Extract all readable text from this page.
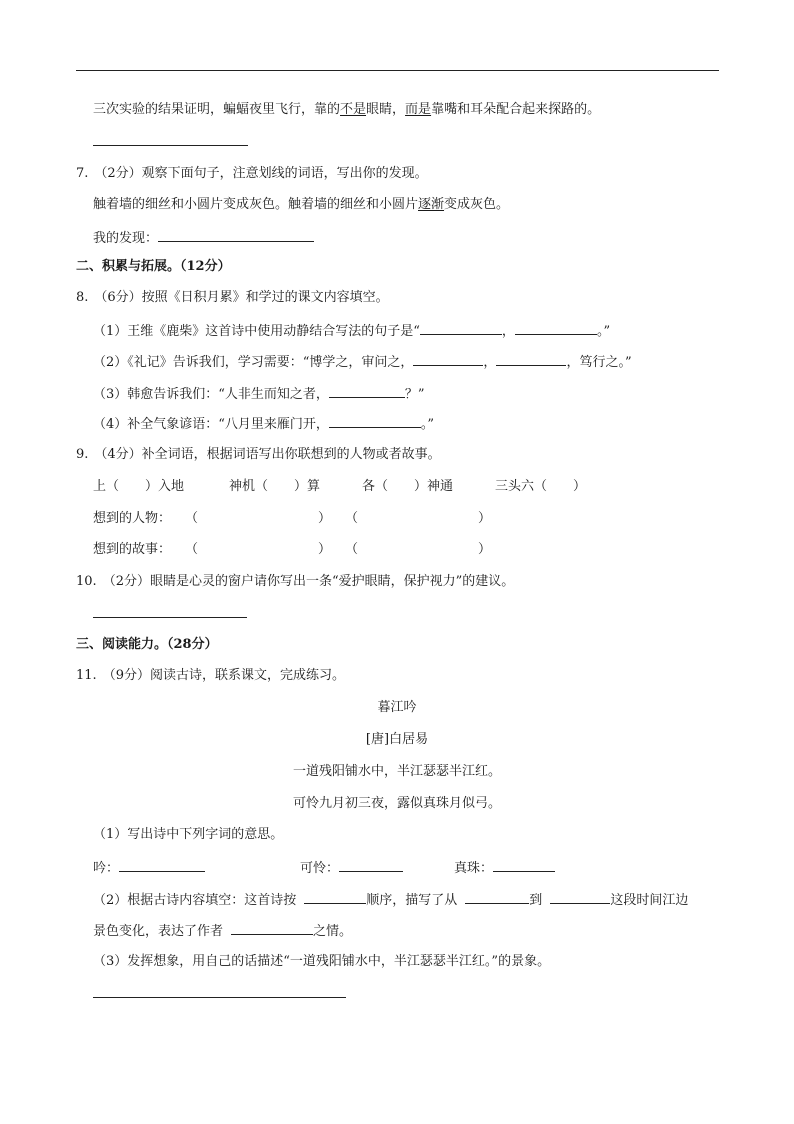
三次实验的结果证明，蝙蝠夜里飞行，靠的不是眼睛，而是靠嘴和耳朵配合起来探路的。
7. （2分）观察下面句子，注意划线的词语，写出你的发现。
触着墙的细丝和小圆片变成灰色。触着墙的细丝和小圆片逐渐变成灰色。
我的发现：
二、积累与拓展。（12分）
8. （6分）按照《日积月累》和学过的课文内容填空。
（1）王维《鹿柴》这首诗中使用动静结合写法的句子是“	，	。”
（2）《礼记》告诉我们，学习需要：“博学之，审问之，	，	，笃行之。”
（3）韩愈告诉我们：“人非生而知之者，	？”
（4）补全气象谚语：“八月里来雁门开，	。”
9. （4分）补全词语，根据词语写出你联想到的人物或者故事。
上（　　）入地	神机（　　）算	各（　　）神通	三头六（　　）
想到的人物： （	） （	）
想到的故事： （	） （	）
10. （2分）眼睛是心灵的窗户请你写出一条“爱护眼睛，保护视力”的建议。
三、阅读能力。（28分）
11. （9分）阅读古诗，联系课文，完成练习。
暮江吟
[唐]白居易
一道残阳铺水中，半江瑟瑟半江红。
可怜九月初三夜，露似真珠月似弓。
（1）写出诗中下列字词的意思。
吟：	可怜：	真珠：
（2）根据古诗内容填空：这首诗按	顺序，描写了从	到	这段时间江边
景色变化，表达了作者	之情。
（3）发挥想象，用自己的话描述“一道残阳铺水中，半江瑟瑟半江红。”的景象。
